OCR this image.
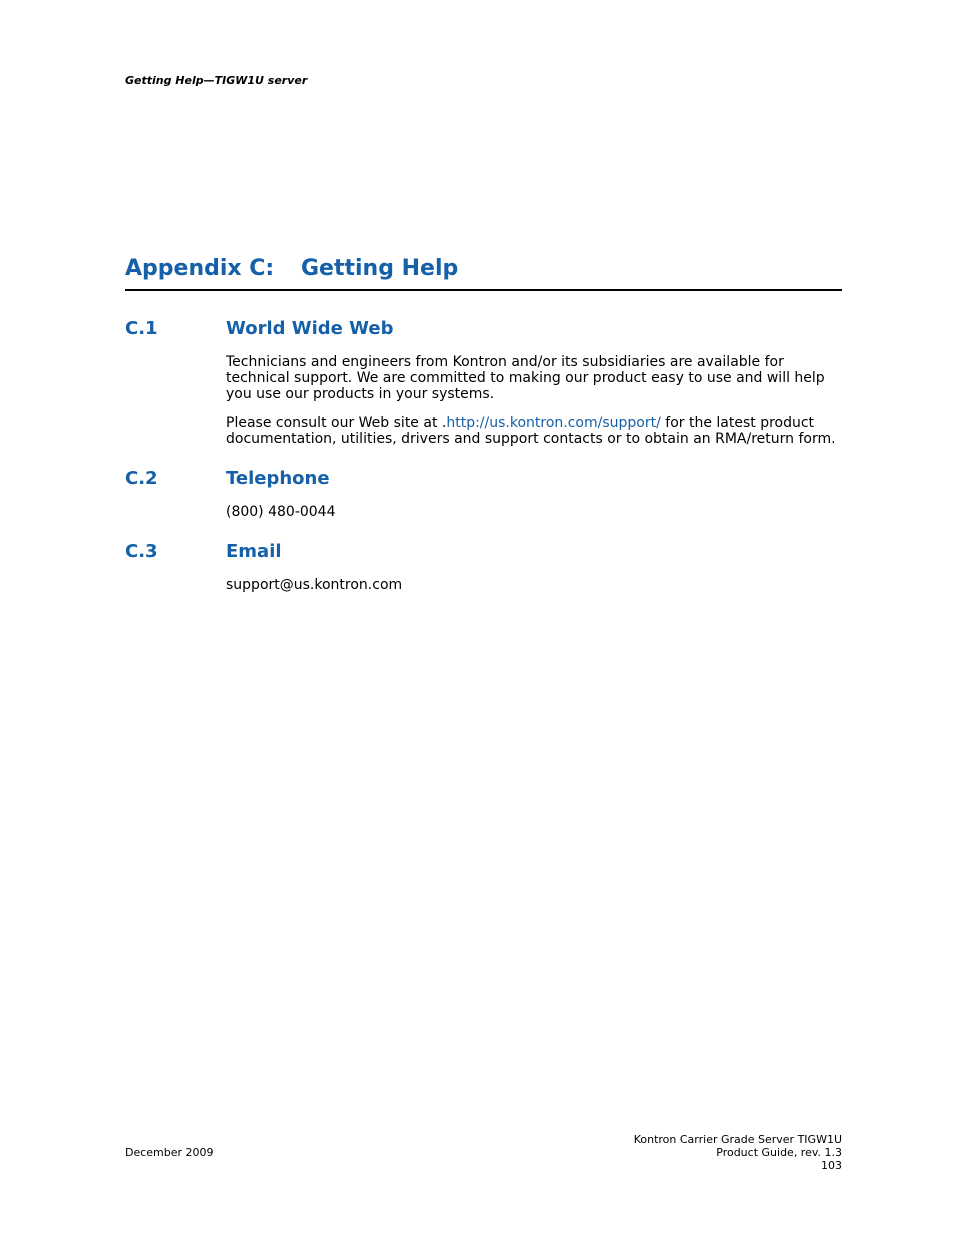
Getting Help—TIGW1U server
Appendix C: Getting Help
C.1	World Wide Web
Technicians and engineers from Kontron and/or its subsidiaries are available for technical support. We are committed to making our product easy to use and will help you use our products in your systems.
Please consult our Web site at .http://us.kontron.com/support/ for the latest product documentation, utilities, drivers and support contacts or to obtain an RMA/return form.
C.2	Telephone
(800) 480-0044
C.3	Email
support@us.kontron.com
December 2009
Kontron Carrier Grade Server TIGW1U
Product Guide, rev. 1.3
103
